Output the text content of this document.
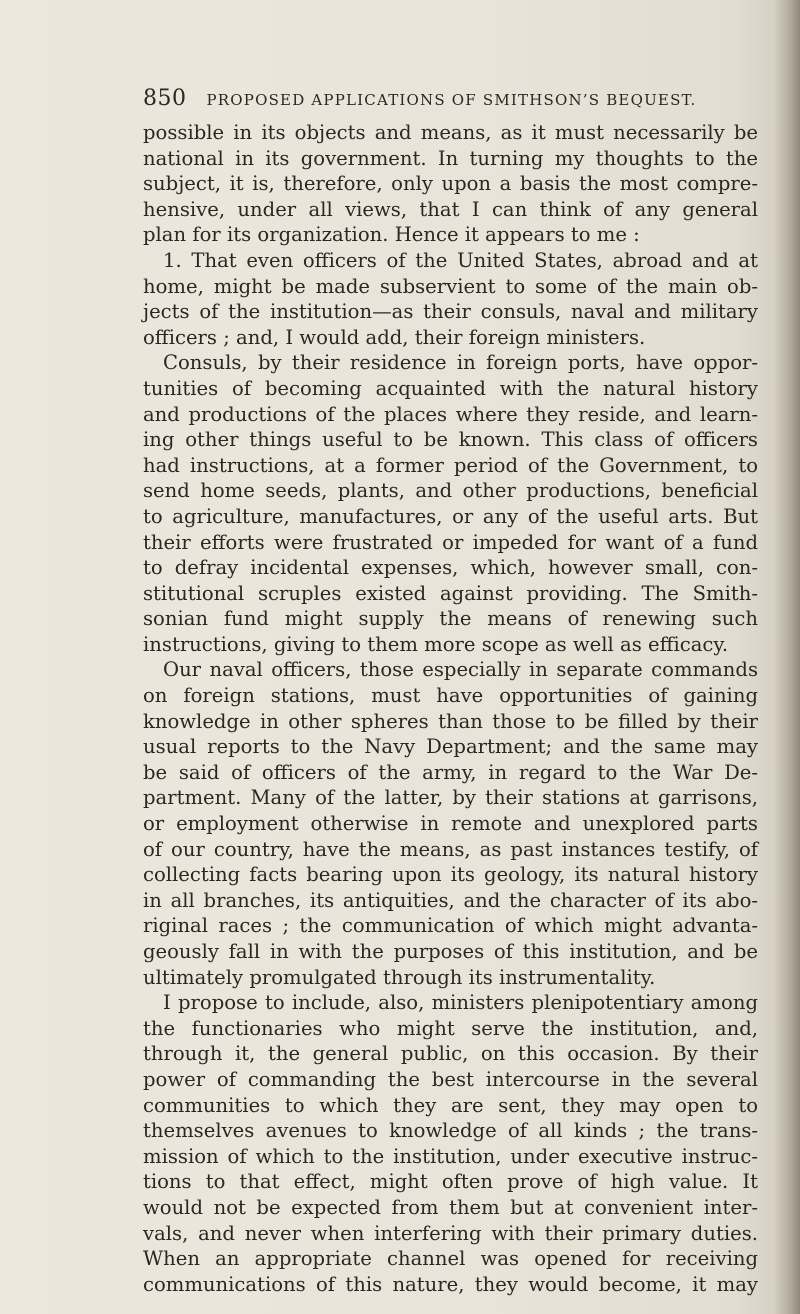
850 PROPOSED APPLICATIONS OF SMITHSON’S BEQUEST.
possible in its objects and means, as it must necessarily be
national in its government. In turning my thoughts to the
subject, it is, therefore, only upon a basis the most compre-
hensive, under all views, that I can think of any general
plan for its organization. Hence it appears to me :
1. That even officers of the United States, abroad and at
home, might be made subservient to some of the main ob-
jects of the institution—as their consuls, naval and military
officers ; and, I would add, their foreign ministers.
Consuls, by their residence in foreign ports, have oppor-
tunities of becoming acquainted with the natural history
and productions of the places where they reside, and learn-
ing other things useful to be known. This class of officers
had instructions, at a former period of the Government, to
send home seeds, plants, and other productions, beneficial
to agriculture, manufactures, or any of the useful arts. But
their efforts were frustrated or impeded for want of a fund
to defray incidental expenses, which, however small, con-
stitutional scruples existed against providing. The Smith-
sonian fund might supply the means of renewing such
instructions, giving to them more scope as well as efficacy.
Our naval officers, those especially in separate commands
on foreign stations, must have opportunities of gaining
knowledge in other spheres than those to be filled by their
usual reports to the Navy Department; and the same may
be said of officers of the army, in regard to the War De-
partment. Many of the latter, by their stations at garrisons,
or employment otherwise in remote and unexplored parts
of our country, have the means, as past instances testify, of
collecting facts bearing upon its geology, its natural history
in all branches, its antiquities, and the character of its abo-
riginal races ; the communication of which might advanta-
geously fall in with the purposes of this institution, and be
ultimately promulgated through its instrumentality.
I propose to include, also, ministers plenipotentiary among
the functionaries who might serve the institution, and,
through it, the general public, on this occasion. By their
power of commanding the best intercourse in the several
communities to which they are sent, they may open to
themselves avenues to knowledge of all kinds ; the trans-
mission of which to the institution, under executive instruc-
tions to that effect, might often prove of high value. It
would not be expected from them but at convenient inter-
vals, and never when interfering with their primary duties.
When an appropriate channel was opened for receiving
communications of this nature, they would become, it may
